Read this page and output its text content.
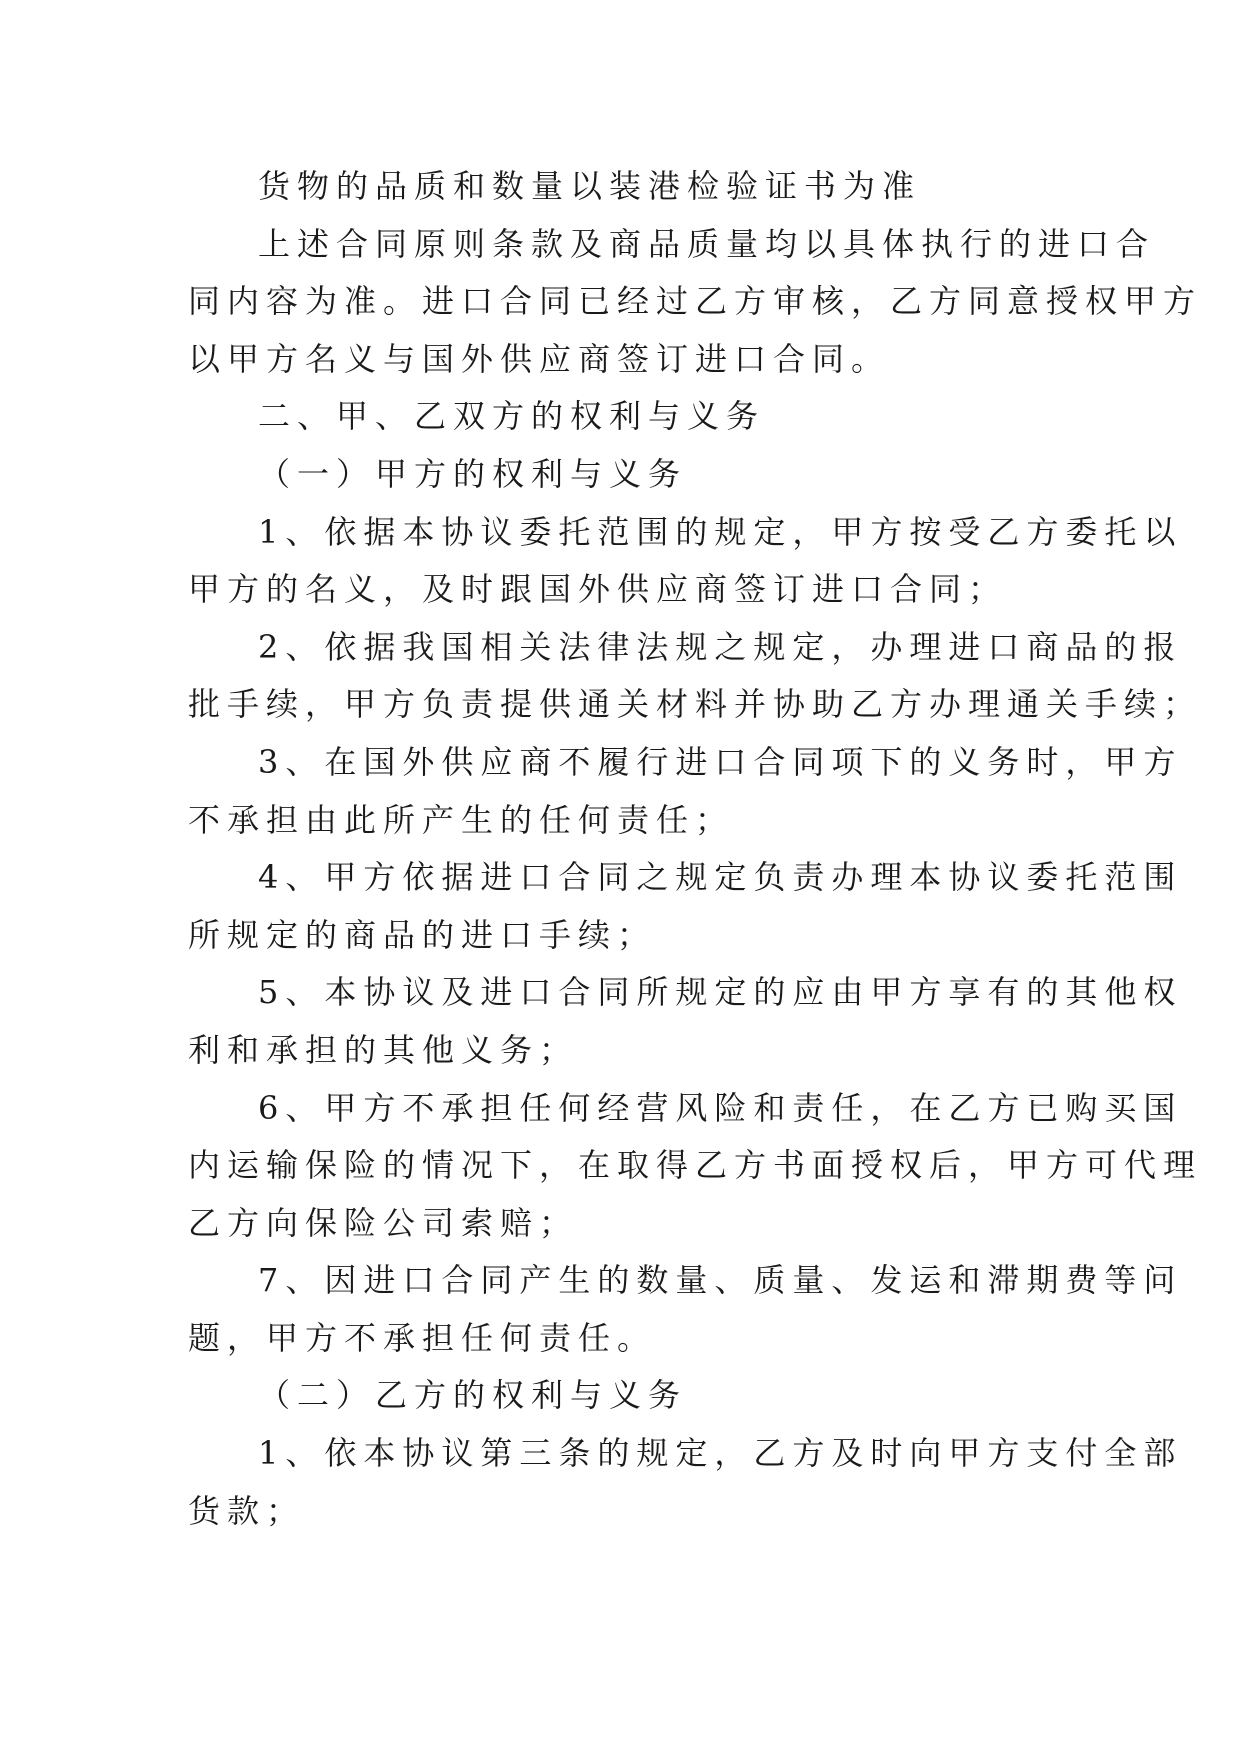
货物的品质和数量以装港检验证书为准
上述合同原则条款及商品质量均以具体执行的进口合
同内容为准。进口合同已经过乙方审核，乙方同意授权甲方
以甲方名义与国外供应商签订进口合同。
二、甲、乙双方的权利与义务
（一）甲方的权利与义务
1、依据本协议委托范围的规定，甲方按受乙方委托以
甲方的名义，及时跟国外供应商签订进口合同；
2、依据我国相关法律法规之规定，办理进口商品的报
批手续，甲方负责提供通关材料并协助乙方办理通关手续；
3、在国外供应商不履行进口合同项下的义务时，甲方
不承担由此所产生的任何责任；
4、甲方依据进口合同之规定负责办理本协议委托范围
所规定的商品的进口手续；
5、本协议及进口合同所规定的应由甲方享有的其他权
利和承担的其他义务；
6、甲方不承担任何经营风险和责任，在乙方已购买国
内运输保险的情况下，在取得乙方书面授权后，甲方可代理
乙方向保险公司索赔；
7、因进口合同产生的数量、质量、发运和滞期费等问
题，甲方不承担任何责任。
（二）乙方的权利与义务
1、依本协议第三条的规定，乙方及时向甲方支付全部
货款；
